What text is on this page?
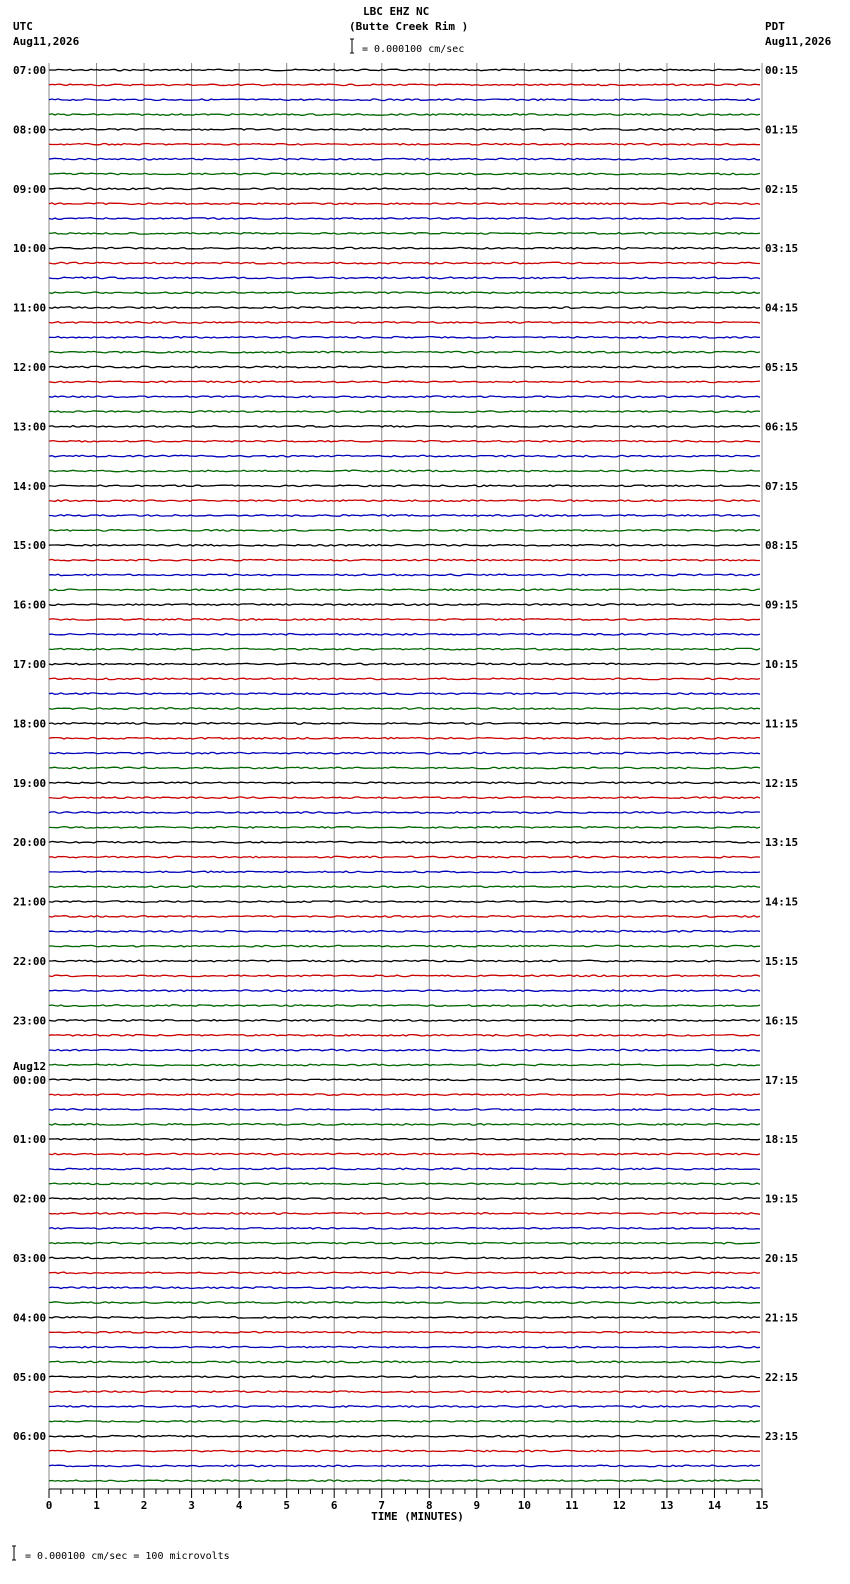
LBC EHZ NC
(Butte Creek Rim )
= 0.000100 cm/sec
UTC
Aug11,2026
PDT
Aug11,2026
= 0.000100 cm/sec = 100 microvolts
07:00	00:15
08:00	01:15
09:00	02:15
10:00	03:15
11:00	04:15
12:00	05:15
13:00	06:15
14:00	07:15
15:00	08:15
16:00	09:15
17:00	10:15
18:00	11:15
19:00	12:15
20:00	13:15
21:00	14:15
22:00	15:15
23:00	16:15
00:00	17:15
01:00	18:15
02:00	19:15
03:00	20:15
04:00	21:15
05:00	22:15
06:00	23:15
Aug12
0	1	2	3	4	5	6	7	8	9	10	11	12	13	14	15
TIME (MINUTES)
